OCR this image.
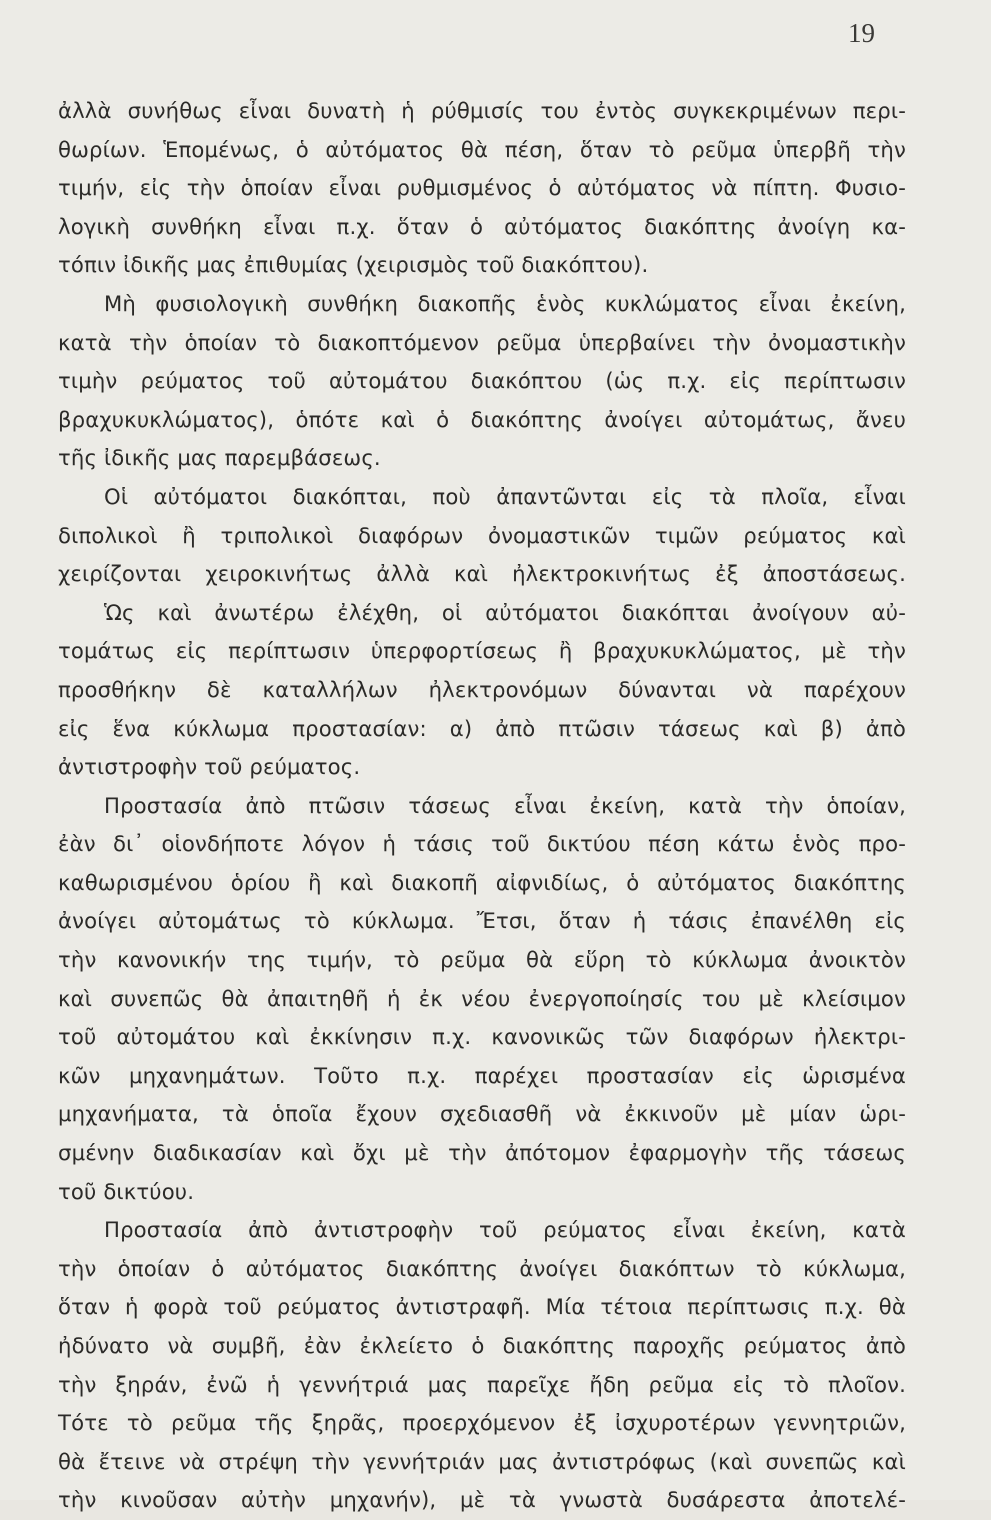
19
ἀλλὰ συνήθως εἶναι δυνατὴ ἡ ρύθμισίς του ἐντὸς συγκεκριμένων περι-
θωρίων. Ἑπομένως, ὁ αὐτόματος θὰ πέση, ὅταν τὸ ρεῦμα ὑπερβῆ τὴν
τιμήν, εἰς τὴν ὁποίαν εἶναι ρυθμισμένος ὁ αὐτόματος νὰ πίπτη. Φυσιο-
λογικὴ συνθήκη εἶναι π.χ. ὅταν ὁ αὐτόματος διακόπτης ἀνοίγη κα-
τόπιν ἰδικῆς μας ἐπιθυμίας (χειρισμὸς τοῦ διακόπτου).
Μὴ φυσιολογικὴ συνθήκη διακοπῆς ἑνὸς κυκλώματος εἶναι ἐκείνη,
κατὰ τὴν ὁποίαν τὸ διακοπτόμενον ρεῦμα ὑπερβαίνει τὴν ὀνομαστικὴν
τιμὴν ρεύματος τοῦ αὐτομάτου διακόπτου (ὡς π.χ. εἰς περίπτωσιν
βραχυκυκλώματος), ὁπότε καὶ ὁ διακόπτης ἀνοίγει αὐτομάτως, ἄνευ
τῆς ἰδικῆς μας παρεμβάσεως.
Οἱ αὐτόματοι διακόπται, ποὺ ἀπαντῶνται εἰς τὰ πλοῖα, εἶναι
διπολικοὶ ἢ τριπολικοὶ διαφόρων ὀνομαστικῶν τιμῶν ρεύματος καὶ
χειρίζονται χειροκινήτως ἀλλὰ καὶ ἠλεκτροκινήτως ἐξ ἀποστάσεως.
Ὡς καὶ ἀνωτέρω ἐλέχθη, οἱ αὐτόματοι διακόπται ἀνοίγουν αὐ-
τομάτως εἰς περίπτωσιν ὑπερφορτίσεως ἢ βραχυκυκλώματος, μὲ τὴν
προσθήκην δὲ καταλλήλων ἠλεκτρονόμων δύνανται νὰ παρέχουν
εἰς ἕνα κύκλωμα προστασίαν: α) ἀπὸ πτῶσιν τάσεως καὶ β) ἀπὸ
ἀντιστροφὴν τοῦ ρεύματος.
Προστασία ἀπὸ πτῶσιν τάσεως εἶναι ἐκείνη, κατὰ τὴν ὁποίαν,
ἐὰν δι᾽ οἱονδήποτε λόγον ἡ τάσις τοῦ δικτύου πέση κάτω ἑνὸς προ-
καθωρισμένου ὁρίου ἢ καὶ διακοπῆ αἰφνιδίως, ὁ αὐτόματος διακόπτης
ἀνοίγει αὐτομάτως τὸ κύκλωμα. Ἔτσι, ὅταν ἡ τάσις ἐπανέλθη εἰς
τὴν κανονικήν της τιμήν, τὸ ρεῦμα θὰ εὕρη τὸ κύκλωμα ἀνοικτὸν
καὶ συνεπῶς θὰ ἀπαιτηθῆ ἡ ἐκ νέου ἐνεργοποίησίς του μὲ κλείσιμον
τοῦ αὐτομάτου καὶ ἐκκίνησιν π.χ. κανονικῶς τῶν διαφόρων ἠλεκτρι-
κῶν μηχανημάτων. Τοῦτο π.χ. παρέχει προστασίαν εἰς ὡρισμένα
μηχανήματα, τὰ ὁποῖα ἔχουν σχεδιασθῆ νὰ ἐκκινοῦν μὲ μίαν ὡρι-
σμένην διαδικασίαν καὶ ὄχι μὲ τὴν ἀπότομον ἐφαρμογὴν τῆς τάσεως
τοῦ δικτύου.
Προστασία ἀπὸ ἀντιστροφὴν τοῦ ρεύματος εἶναι ἐκείνη, κατὰ
τὴν ὁποίαν ὁ αὐτόματος διακόπτης ἀνοίγει διακόπτων τὸ κύκλωμα,
ὅταν ἡ φορὰ τοῦ ρεύματος ἀντιστραφῆ. Μία τέτοια περίπτωσις π.χ. θὰ
ἠδύνατο νὰ συμβῆ, ἐὰν ἐκλείετο ὁ διακόπτης παροχῆς ρεύματος ἀπὸ
τὴν ξηράν, ἐνῶ ἡ γεννήτριά μας παρεῖχε ἤδη ρεῦμα εἰς τὸ πλοῖον.
Τότε τὸ ρεῦμα τῆς ξηρᾶς, προερχόμενον ἐξ ἰσχυροτέρων γεννητριῶν,
θὰ ἔτεινε νὰ στρέψη τὴν γεννήτριάν μας ἀντιστρόφως (καὶ συνεπῶς καὶ
τὴν κινοῦσαν αὐτὴν μηχανήν), μὲ τὰ γνωστὰ δυσάρεστα ἀποτελέ-
